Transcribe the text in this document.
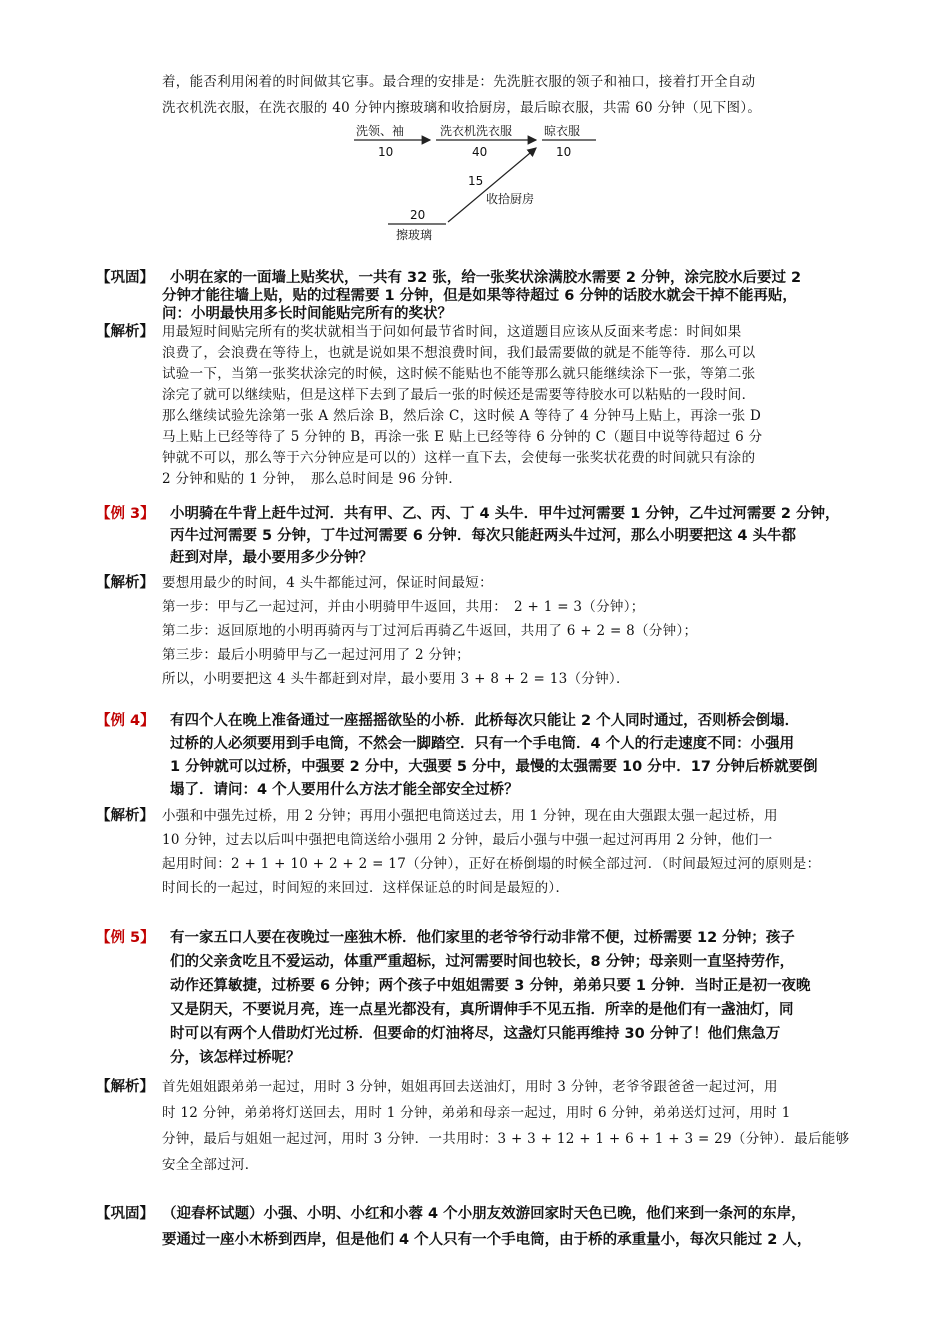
着，能否利用闲着的时间做其它事。最合理的安排是：先洗脏衣服的领子和袖口，接着打开全自动
洗衣机洗衣服，在洗衣服的 40 分钟内擦玻璃和收拾厨房，最后晾衣服，共需 60 分钟（见下图）。
洗领、袖
10
洗衣机洗衣服
40
晾衣服
10
15
收拾厨房
20
擦玻璃
【巩固】 小明在家的一面墙上贴奖状，一共有 32 张，给一张奖状涂满胶水需要 2 分钟，涂完胶水后要过 2
分钟才能往墙上贴，贴的过程需要 1 分钟，但是如果等待超过 6 分钟的话胶水就会干掉不能再贴，
问：小明最快用多长时间能贴完所有的奖状？
【解析】 用最短时间贴完所有的奖状就相当于问如何最节省时间，这道题目应该从反面来考虑：时间如果
浪费了，会浪费在等待上，也就是说如果不想浪费时间，我们最需要做的就是不能等待．那么可以
试验一下，当第一张奖状涂完的时候，这时候不能贴也不能等那么就只能继续涂下一张，等第二张
涂完了就可以继续贴，但是这样下去到了最后一张的时候还是需要等待胶水可以粘贴的一段时间．
那么继续试验先涂第一张 A 然后涂 B，然后涂 C，这时候 A 等待了 4 分钟马上贴上，再涂一张 D
马上贴上已经等待了 5 分钟的 B，再涂一张 E 贴上已经等待 6 分钟的 C（题目中说等待超过 6 分
钟就不可以，那么等于六分钟应是可以的）这样一直下去，会使每一张奖状花费的时间就只有涂的
2 分钟和贴的 1 分钟，　那么总时间是 96 分钟．
【例 3】 小明骑在牛背上赶牛过河．共有甲、乙、丙、丁 4 头牛．甲牛过河需要 1 分钟，乙牛过河需要 2 分钟，
丙牛过河需要 5 分钟，丁牛过河需要 6 分钟．每次只能赶两头牛过河，那么小明要把这 4 头牛都
赶到对岸，最小要用多少分钟？
【解析】 要想用最少的时间，4 头牛都能过河，保证时间最短：
第一步：甲与乙一起过河，并由小明骑甲牛返回，共用：　2 + 1 = 3（分钟）；
第二步：返回原地的小明再骑丙与丁过河后再骑乙牛返回，共用了 6 + 2 = 8（分钟）；
第三步：最后小明骑甲与乙一起过河用了 2 分钟；
所以，小明要把这 4 头牛都赶到对岸，最小要用 3 + 8 + 2 = 13（分钟）．
【例 4】 有四个人在晚上准备通过一座摇摇欲坠的小桥．此桥每次只能让 2 个人同时通过，否则桥会倒塌．
过桥的人必须要用到手电筒，不然会一脚踏空．只有一个手电筒．4 个人的行走速度不同：小强用
1 分钟就可以过桥，中强要 2 分中，大强要 5 分中，最慢的太强需要 10 分中．17 分钟后桥就要倒
塌了．请问：4 个人要用什么方法才能全部安全过桥？
【解析】 小强和中强先过桥，用 2 分钟；再用小强把电筒送过去，用 1 分钟，现在由大强跟太强一起过桥，用
10 分钟，过去以后叫中强把电筒送给小强用 2 分钟，最后小强与中强一起过河再用 2 分钟，他们一
起用时间：2 + 1 + 10 + 2 + 2 = 17（分钟），正好在桥倒塌的时候全部过河．（时间最短过河的原则是：
时间长的一起过，时间短的来回过．这样保证总的时间是最短的）．
【例 5】 有一家五口人要在夜晚过一座独木桥．他们家里的老爷爷行动非常不便，过桥需要 12 分钟；孩子
们的父亲贪吃且不爱运动，体重严重超标，过河需要时间也较长，8 分钟；母亲则一直坚持劳作，
动作还算敏捷，过桥要 6 分钟；两个孩子中姐姐需要 3 分钟，弟弟只要 1 分钟．当时正是初一夜晚
又是阴天，不要说月亮，连一点星光都没有，真所谓伸手不见五指．所幸的是他们有一盏油灯，同
时可以有两个人借助灯光过桥．但要命的灯油将尽，这盏灯只能再维持 30 分钟了！他们焦急万
分，该怎样过桥呢？
【解析】 首先姐姐跟弟弟一起过，用时 3 分钟，姐姐再回去送油灯，用时 3 分钟，老爷爷跟爸爸一起过河，用
时 12 分钟，弟弟将灯送回去，用时 1 分钟，弟弟和母亲一起过，用时 6 分钟，弟弟送灯过河，用时 1
分钟，最后与姐姐一起过河，用时 3 分钟．一共用时：3 + 3 + 12 + 1 + 6 + 1 + 3 = 29（分钟）．最后能够
安全全部过河．
【巩固】 （迎春杯试题）小强、小明、小红和小蓉 4 个小朋友效游回家时天色已晚，他们来到一条河的东岸，
要通过一座小木桥到西岸，但是他们 4 个人只有一个手电筒，由于桥的承重量小，每次只能过 2 人，
